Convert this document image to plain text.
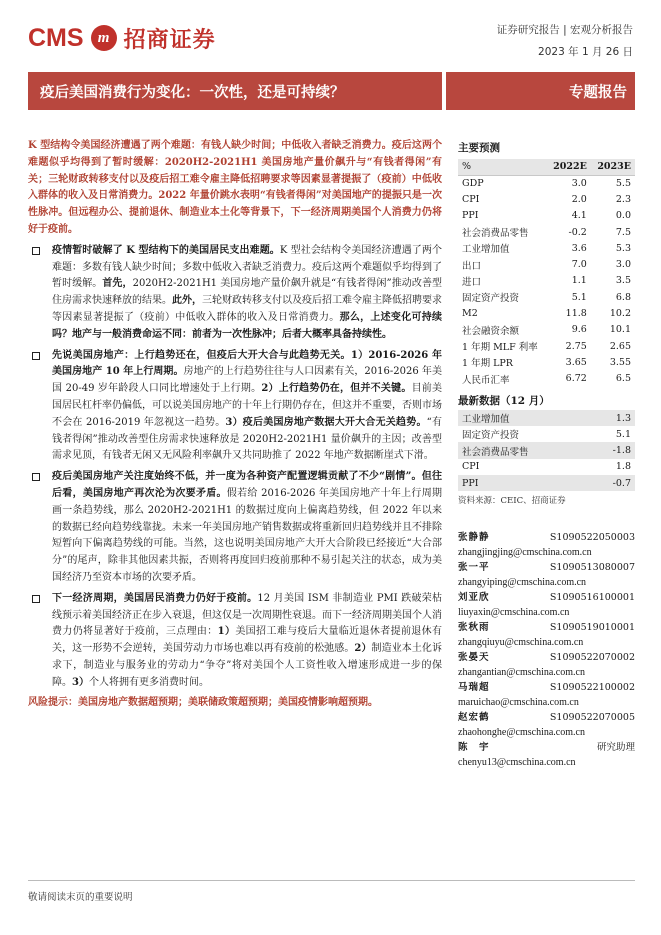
CMS m 招商证券	证券研究报告 | 宏观分析报告
2023 年 1 月 26 日
疫后美国消费行为变化：一次性，还是可持续？	专题报告
K 型结构令美国经济遭遇了两个难题：有钱人缺少时间；中低收入者缺乏消费力。疫后这两个难题似乎均得到了暂时缓解：2020H2-2021H1 美国房地产量价飙升与“有钱者得闲”有关；三轮财政转移支付以及疫后招工难令雇主降低招聘要求等因素显著提振了（疫前）中低收入群体的收入及日常消费力。2022 年量价跳水表明“有钱者得闲”对美国地产的提振只是一次性脉冲。但远程办公、提前退休、制造业本土化等背景下，下一经济周期美国个人消费力仍将好于疫前。
疫情暂时破解了 K 型结构下的美国居民支出难题。K 型社会结构令美国经济遭遇了两个难题：多数有钱人缺少时间；多数中低收入者缺乏消费力。疫后这两个难题似乎均得到了暂时缓解。首先，2020H2-2021H1 美国房地产量价飙升就是“有钱者得闲”推动改善型住房需求快速释放的结果。此外，三轮财政转移支付以及疫后招工难令雇主降低招聘要求等因素显著提振了（疫前）中低收入群体的收入及日常消费力。那么，上述变化可持续吗？地产与一般消费命运不同：前者为一次性脉冲；后者大概率具备持续性。
先说美国房地产：上行趋势还在，但疫后大开大合与此趋势无关。1）2016-2026 年美国房地产 10 年上行周期。房地产的上行趋势往往与人口因素有关，2016-2026 年美国 20-49 岁年龄段人口同比增速处于上行期。2）上行趋势仍在，但并不关键。目前美国居民杠杆率仍偏低，可以说美国房地产的十年上行期仍存在，但这并不重要，否则市场不会在 2016-2019 年忽视这一趋势。3）疫后美国房地产数据大开大合无关趋势。“有钱者得闲”推动改善型住房需求快速释放是 2020H2-2021H1 量价飙升的主因；改善型需求见顶，有钱者无闲又无风险利率飙升又共同助推了 2022 年地产数据断崖式下滑。
疫后美国房地产关注度始终不低，并一度为各种资产配置逻辑贡献了不少“剧情”。但往后看，美国房地产再次沦为次要矛盾。假若给 2016-2026 年美国房地产十年上行周期画一条趋势线，那么 2020H2-2021H1 的数据过度向上偏离趋势线，但 2022 年以来的数据已经向趋势线靠拢。未来一年美国房地产销售数据或将重新回归趋势线并且不排除短暂向下偏离趋势线的可能。当然，这也说明美国房地产大开大合阶段已经接近“大合部分”的尾声，除非其他因素共振，否则将再度回归疫前那种不易引起关注的状态，成为美国经济乃至资本市场的次要矛盾。
下一经济周期，美国居民消费力仍好于疫前。12 月美国 ISM 非制造业 PMI 跌破荣枯线预示着美国经济正在步入衰退，但这仅是一次周期性衰退。而下一经济周期美国个人消费力仍将显著好于疫前，三点理由：1）美国招工难与疫后大量临近退休者提前退休有关，这一形势不会逆转，美国劳动力市场也难以再有疫前的松弛感。2）制造业本土化诉求下，制造业与服务业的劳动力“争夺”将对美国个人工资性收入增速形成进一步的保障。3）个人将拥有更多消费时间。
风险提示：美国房地产数据超预期；美联储政策超预期；美国疫情影响超预期。
主要预测
%	2022E	2023E
GDP	3.0	5.5
CPI	2.0	2.3
PPI	4.1	0.0
社会消费品零售	-0.2	7.5
工业增加值	3.6	5.3
出口	7.0	3.0
进口	1.1	3.5
固定资产投资	5.1	6.8
M2	11.8	10.2
社会融资余额	9.6	10.1
1 年期 MLF 利率	2.75	2.65
1 年期 LPR	3.65	3.55
人民币汇率	6.72	6.5
最新数据（12 月）
工业增加值	1.3
固定资产投资	5.1
社会消费品零售	-1.8
CPI	1.8
PPI	-0.7
资料来源：CEIC、招商证券
张静静	S1090522050003
zhangjingjing@cmschina.com.cn
张一平	S1090513080007
zhangyiping@cmschina.com.cn
刘亚欣	S1090516100001
liuyaxin@cmschina.com.cn
张秋雨	S1090519010001
zhangqiuyu@cmschina.com.cn
张晏天	S1090522070002
zhangantian@cmschina.com.cn
马瑞超	S1090522100002
maruichao@cmschina.com.cn
赵宏鹤	S1090522070005
zhaohonghe@cmschina.com.cn
陈　宇	研究助理
chenyu13@cmschina.com.cn
敬请阅读末页的重要说明
